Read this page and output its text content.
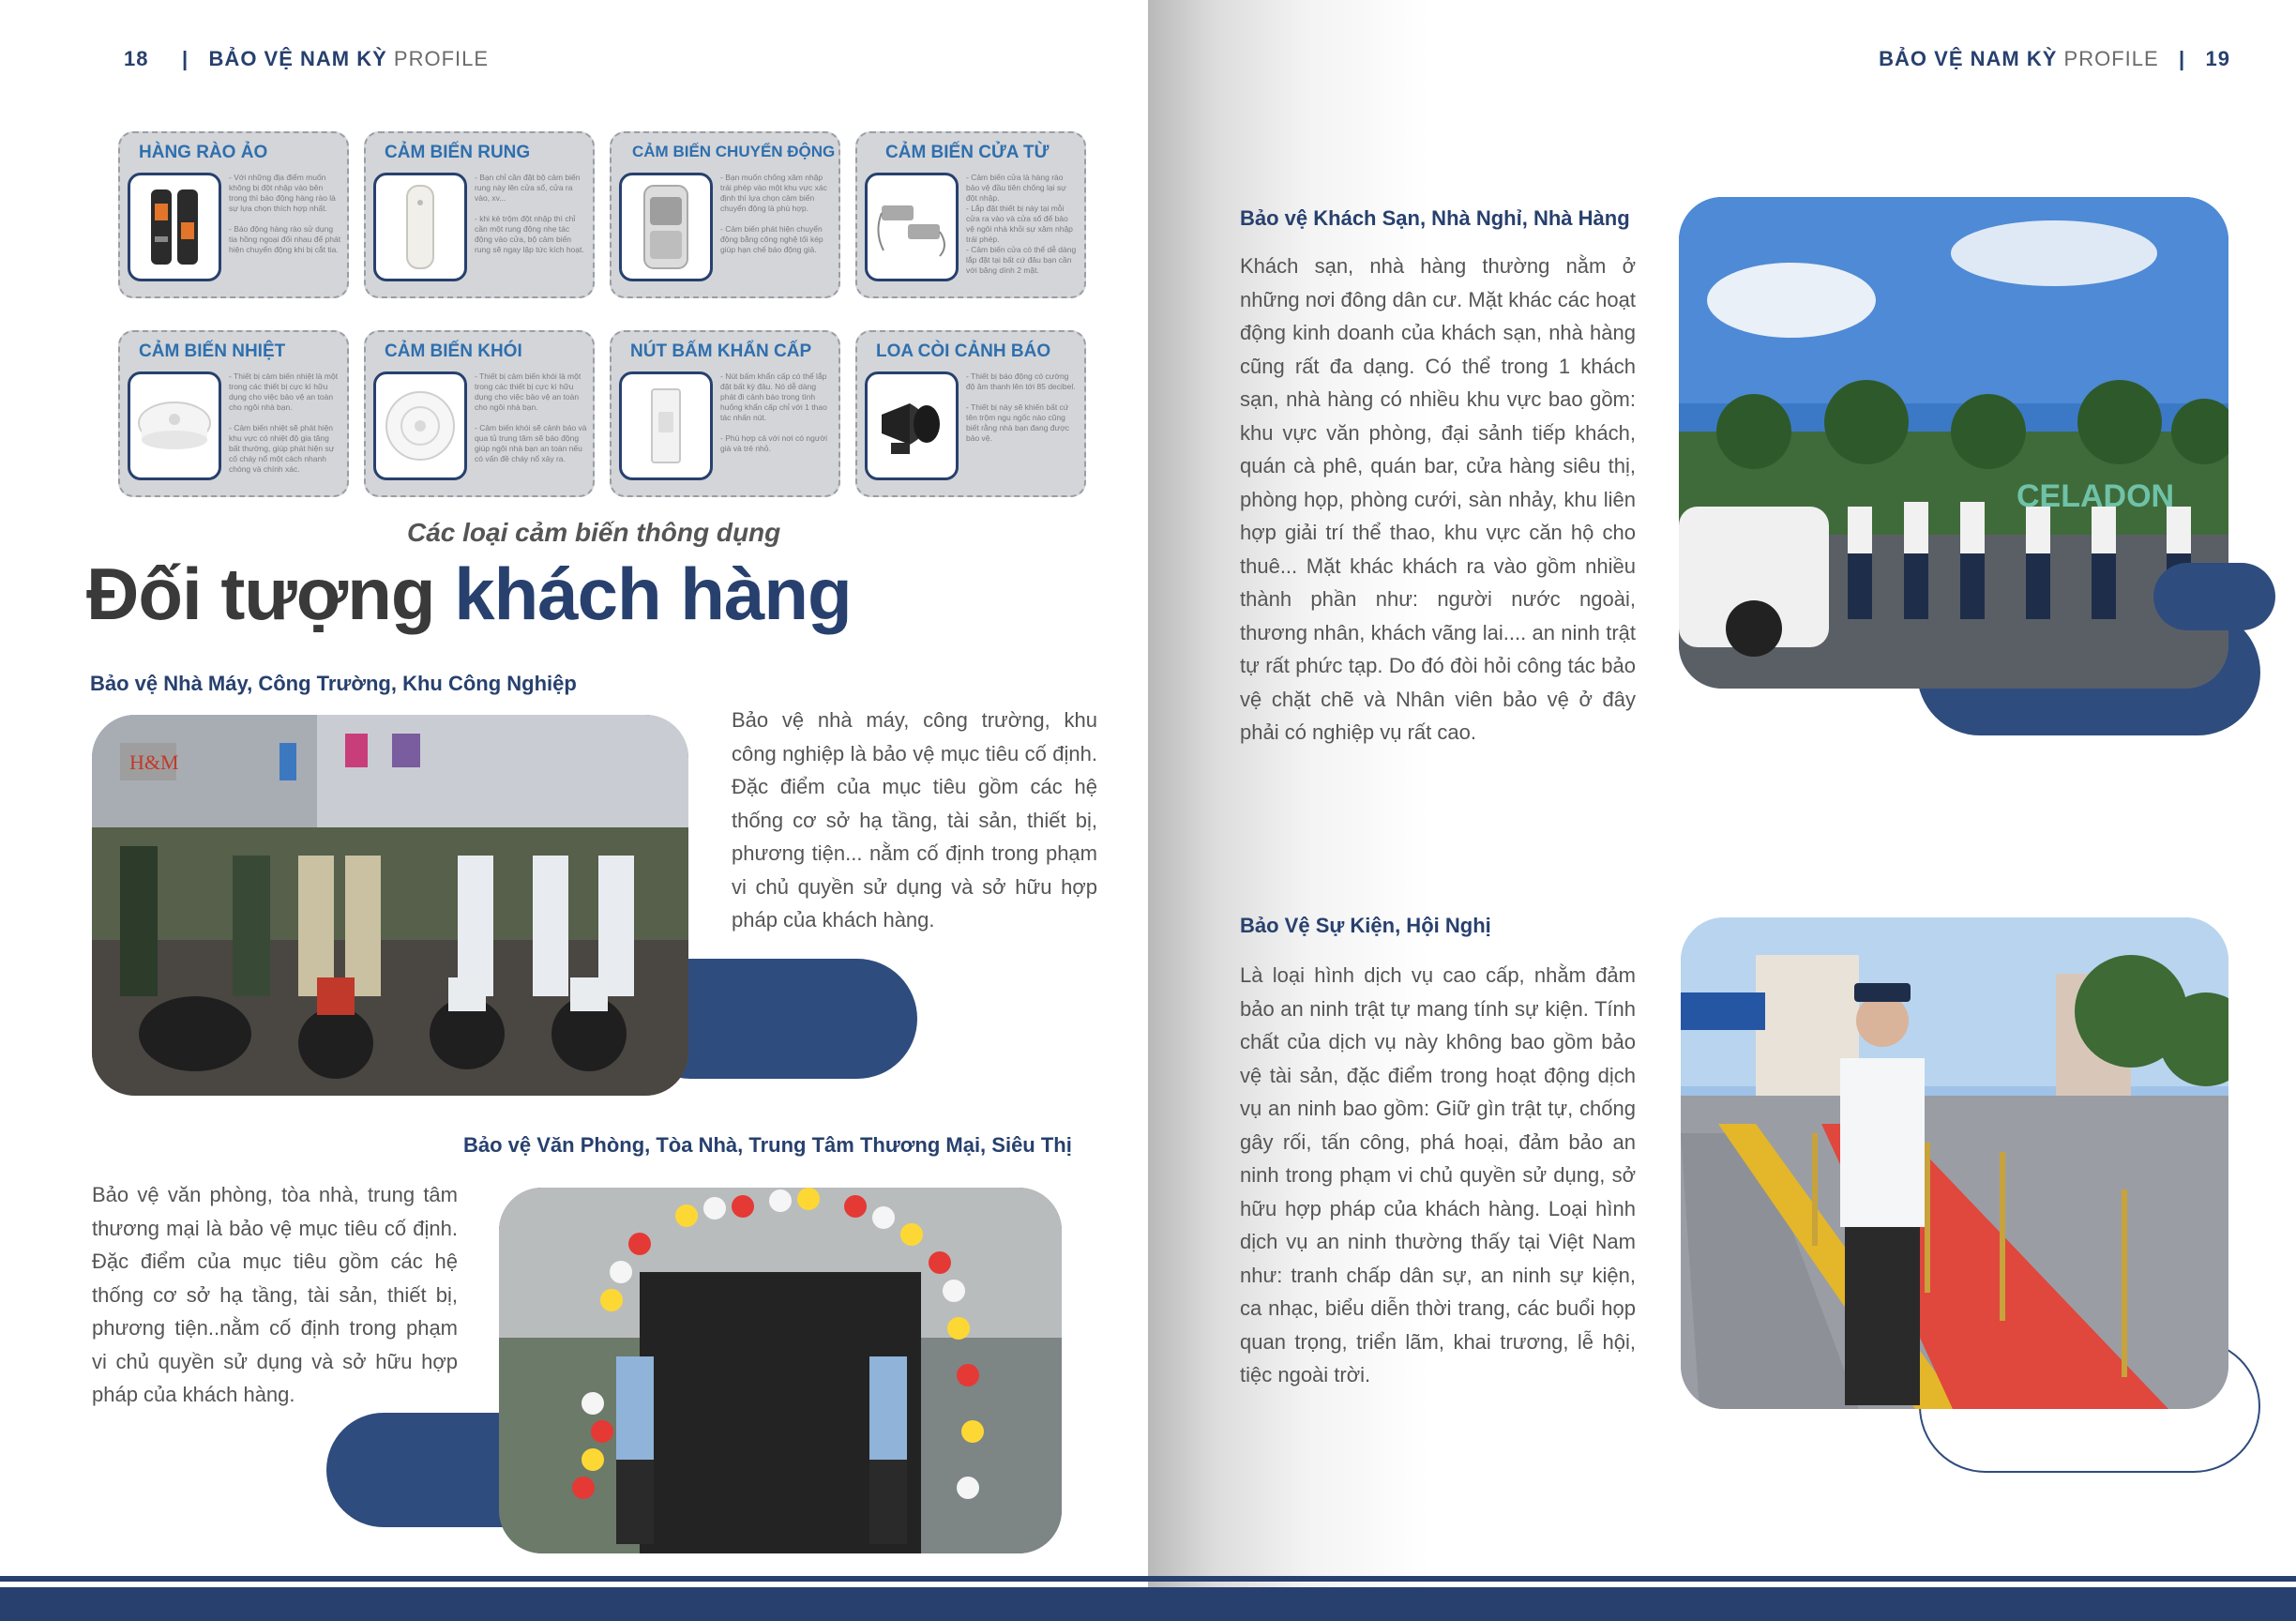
18 | BẢO VỆ NAM KỲ PROFILE
HÀNG RÀO ẢO
- Với những địa điểm muốn không bị đột nhập vào bên trong thì báo động hàng rào là sự lựa chọn thích hợp nhất.

- Báo động hàng rào sử dụng tia hồng ngoại đối nhau để phát hiện chuyển động khi bị cắt tia.
CẢM BIẾN RUNG
- Bạn chỉ cần đặt bộ cảm biến rung này lên cửa sổ, cửa ra vào, xv...

- khi kẻ trộm đột nhập thì chỉ cần một rung động nhẹ tác động vào cửa, bộ cảm biến rung sẽ ngay lập tức kích hoạt.
CẢM BIẾN CHUYỂN ĐỘNG
- Bạn muốn chống xâm nhập trái phép vào một khu vực xác định thì lựa chọn cảm biến chuyển động là phù hợp.

- Cảm biến phát hiện chuyển động bằng công nghệ tối kép giúp hạn chế báo động giả.
CẢM BIẾN CỬA TỪ
- Cảm biến cửa là hàng rào bảo vệ đầu tiên chống lại sự đột nhập.
- Lắp đặt thiết bị này tại mỗi cửa ra vào và cửa sổ để bảo vệ ngôi nhà khỏi sự xâm nhập trái phép.
- Cảm biến cửa có thể dễ dàng lắp đặt tại bất cứ đâu bạn cần với băng dính 2 mặt.
CẢM BIẾN NHIỆT
- Thiết bị cảm biến nhiệt là một trong các thiết bị cực kì hữu dụng cho việc bảo vệ an toàn cho ngôi nhà bạn.

- Cảm biến nhiệt sẽ phát hiện khu vực có nhiệt độ gia tăng bất thường, giúp phát hiện sự cố cháy nổ một cách nhanh chóng và chính xác.
CẢM BIẾN KHÓI
- Thiết bị cảm biến khói là một trong các thiết bị cực kì hữu dụng cho việc bảo vệ an toàn cho ngôi nhà bạn.

- Cảm biến khói sẽ cảnh báo và qua tủ trung tâm sẽ báo động giúp ngôi nhà bạn an toàn nếu có vấn đề cháy nổ xảy ra.
NÚT BẤM KHẨN CẤP
- Nút bấm khẩn cấp có thể lắp đặt bất kỳ đâu. Nó dễ dàng phát đi cảnh báo trong tình huống khẩn cấp chỉ với 1 thao tác nhấn nút.

- Phù hợp cả với nơi có người già và trẻ nhỏ.
LOA CÒI CẢNH BÁO
- Thiết bị báo động có cường độ âm thanh lên tới 85 decibel.

- Thiết bị này sẽ khiến bất cứ tên trộm ngu ngốc nào cũng biết rằng nhà bạn đang được bảo vệ.
Các loại cảm biến thông dụng
Đối tượng khách hàng
Bảo vệ Nhà Máy, Công Trường, Khu Công Nghiệp
H&M
Bảo vệ nhà máy, công trường, khu công nghiệp là bảo vệ mục tiêu cố định. Đặc điểm của mục tiêu gồm các hệ thống cơ sở hạ tầng, tài sản, thiết bị, phương tiện... nằm cố định trong phạm vi chủ quyền sử dụng và sở hữu hợp pháp của khách hàng.
Bảo vệ Văn Phòng, Tòa Nhà, Trung Tâm Thương Mại, Siêu Thị
Bảo vệ văn phòng, tòa nhà, trung tâm thương mại là bảo vệ mục tiêu cố định. Đặc điểm của mục tiêu gồm các hệ thống cơ sở hạ tầng, tài sản, thiết bị, phương tiện..nằm cố định trong phạm vi chủ quyền sử dụng và sở hữu hợp pháp của khách hàng.
BẢO VỆ NAM KỲ PROFILE | 19
Bảo vệ Khách Sạn, Nhà Nghỉ, Nhà Hàng
Khách sạn, nhà hàng thường nằm ở những nơi đông dân cư. Mặt khác các hoạt động kinh doanh của khách sạn, nhà hàng cũng rất đa dạng. Có thể trong 1 khách sạn, nhà hàng có nhiều khu vực bao gồm: khu vực văn phòng, đại sảnh tiếp khách, quán cà phê, quán bar, cửa hàng siêu thị, phòng họp, phòng cưới, sàn nhảy, khu liên hợp giải trí thể thao, khu vực căn hộ cho thuê... Mặt khác khách ra vào gồm nhiều thành phần như: người nước ngoài, thương nhân, khách vãng lai.... an ninh trật tự rất phức tạp. Do đó đòi hỏi công tác bảo vệ chặt chẽ và Nhân viên bảo vệ ở đây phải có nghiệp vụ rất cao.
CELADON
Bảo Vệ Sự Kiện, Hội Nghị
Là loại hình dịch vụ cao cấp, nhằm đảm bảo an ninh trật tự mang tính sự kiện. Tính chất của dịch vụ này không bao gồm bảo vệ tài sản, đặc điểm trong hoạt động dịch vụ an ninh bao gồm: Giữ gìn trật tự, chống gây rối, tấn công, phá hoại, đảm bảo an ninh trong phạm vi chủ quyền sử dụng, sở hữu hợp pháp của khách hàng. Loại hình dịch vụ an ninh thường thấy tại Việt Nam như: tranh chấp dân sự, an ninh sự kiện, ca nhạc, biểu diễn thời trang, các buổi họp quan trọng, triển lãm, khai trương, lễ hội, tiệc ngoài trời.
